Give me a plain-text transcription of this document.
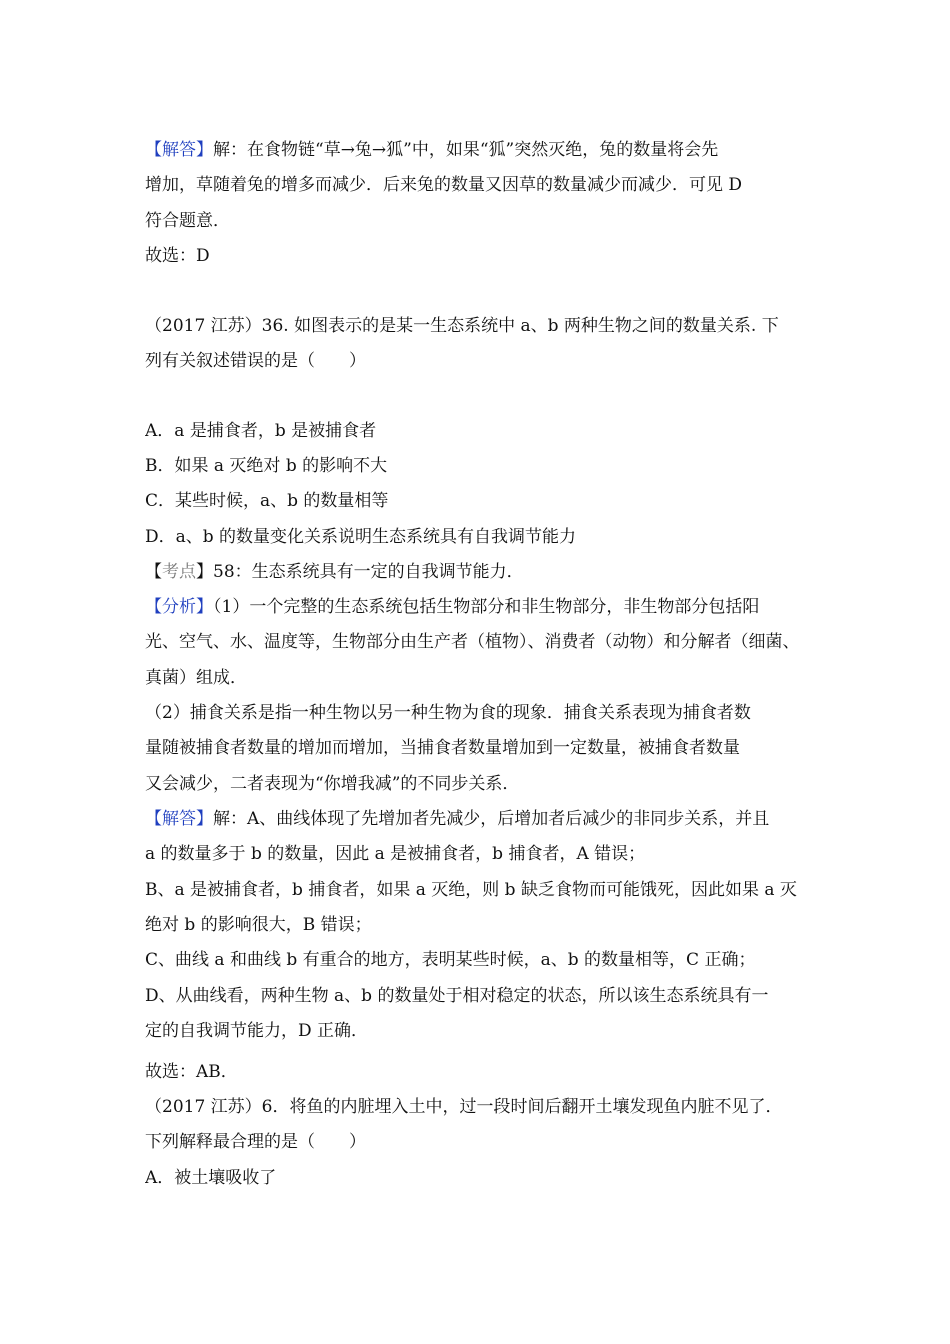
【解答】解：在食物链“草→兔→狐”中，如果“狐”突然灭绝，兔的数量将会先
增加，草随着兔的增多而减少．后来兔的数量又因草的数量减少而减少．可见 D
符合题意．
故选：D
（2017 江苏）36. 如图表示的是某一生态系统中 a、b 两种生物之间的数量关系. 下
列有关叙述错误的是（　　）
A．a 是捕食者，b 是被捕食者
B．如果 a 灭绝对 b 的影响不大
C．某些时候，a、b 的数量相等
D．a、b 的数量变化关系说明生态系统具有自我调节能力
【考点】58：生态系统具有一定的自我调节能力．
【分析】（1）一个完整的生态系统包括生物部分和非生物部分，非生物部分包括阳
光、空气、水、温度等，生物部分由生产者（植物）、消费者（动物）和分解者（细菌、
真菌）组成．
（2）捕食关系是指一种生物以另一种生物为食的现象．捕食关系表现为捕食者数
量随被捕食者数量的增加而增加，当捕食者数量增加到一定数量，被捕食者数量
又会减少，二者表现为“你增我减”的不同步关系．
【解答】解：A、曲线体现了先增加者先减少，后增加者后减少的非同步关系，并且
a 的数量多于 b 的数量，因此 a 是被捕食者，b 捕食者，A 错误；
B、a 是被捕食者，b 捕食者，如果 a 灭绝，则 b 缺乏食物而可能饿死，因此如果 a 灭
绝对 b 的影响很大，B 错误；
C、曲线 a 和曲线 b 有重合的地方，表明某些时候，a、b 的数量相等，C 正确；
D、从曲线看，两种生物 a、b 的数量处于相对稳定的状态，所以该生态系统具有一
定的自我调节能力，D 正确．
故选：AB．
（2017 江苏）6．将鱼的内脏埋入土中，过一段时间后翻开土壤发现鱼内脏不见了．
下列解释最合理的是（　　）
A．被土壤吸收了
